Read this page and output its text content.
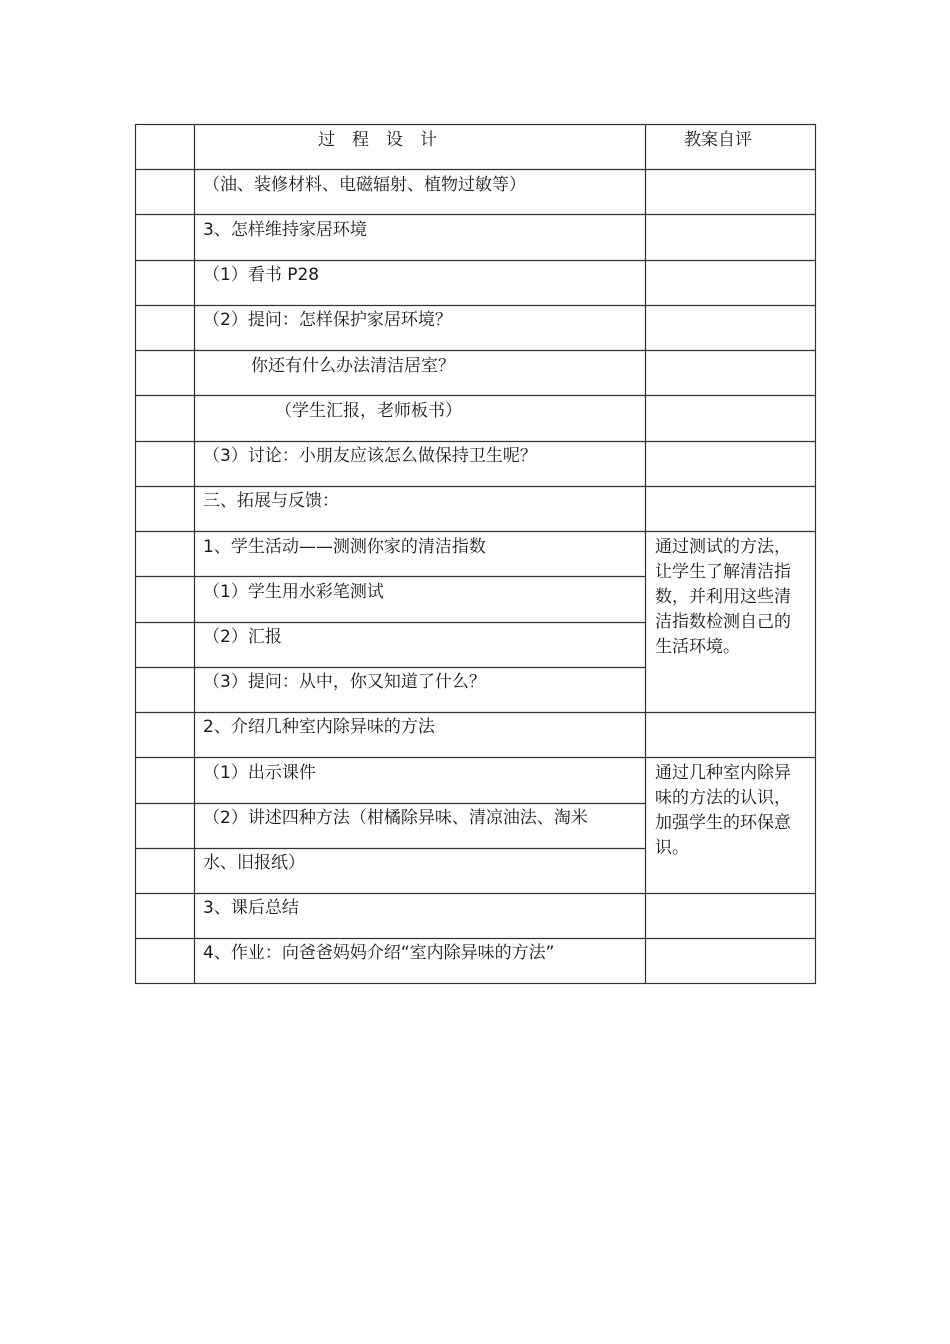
过　程　设　计	教案自评
（油、装修材料、电磁辐射、植物过敏等）
3、怎样维持家居环境
（1）看书 P28
（2）提问：怎样保护家居环境？
你还有什么办法清洁居室？
（学生汇报，老师板书）
（3）讨论：小朋友应该怎么做保持卫生呢？
三、拓展与反馈：
1、学生活动——测测你家的清洁指数
（1）学生用水彩笔测试
（2）汇报
（3）提问：从中，你又知道了什么？
2、介绍几种室内除异味的方法
（1）出示课件
（2）讲述四种方法（柑橘除异味、清凉油法、淘米
水、旧报纸）
3、课后总结
4、作业：向爸爸妈妈介绍“室内除异味的方法”
通过测试的方法，让学生了解清洁指数，并利用这些清洁指数检测自己的生活环境。
通过几种室内除异味的方法的认识，加强学生的环保意识。
